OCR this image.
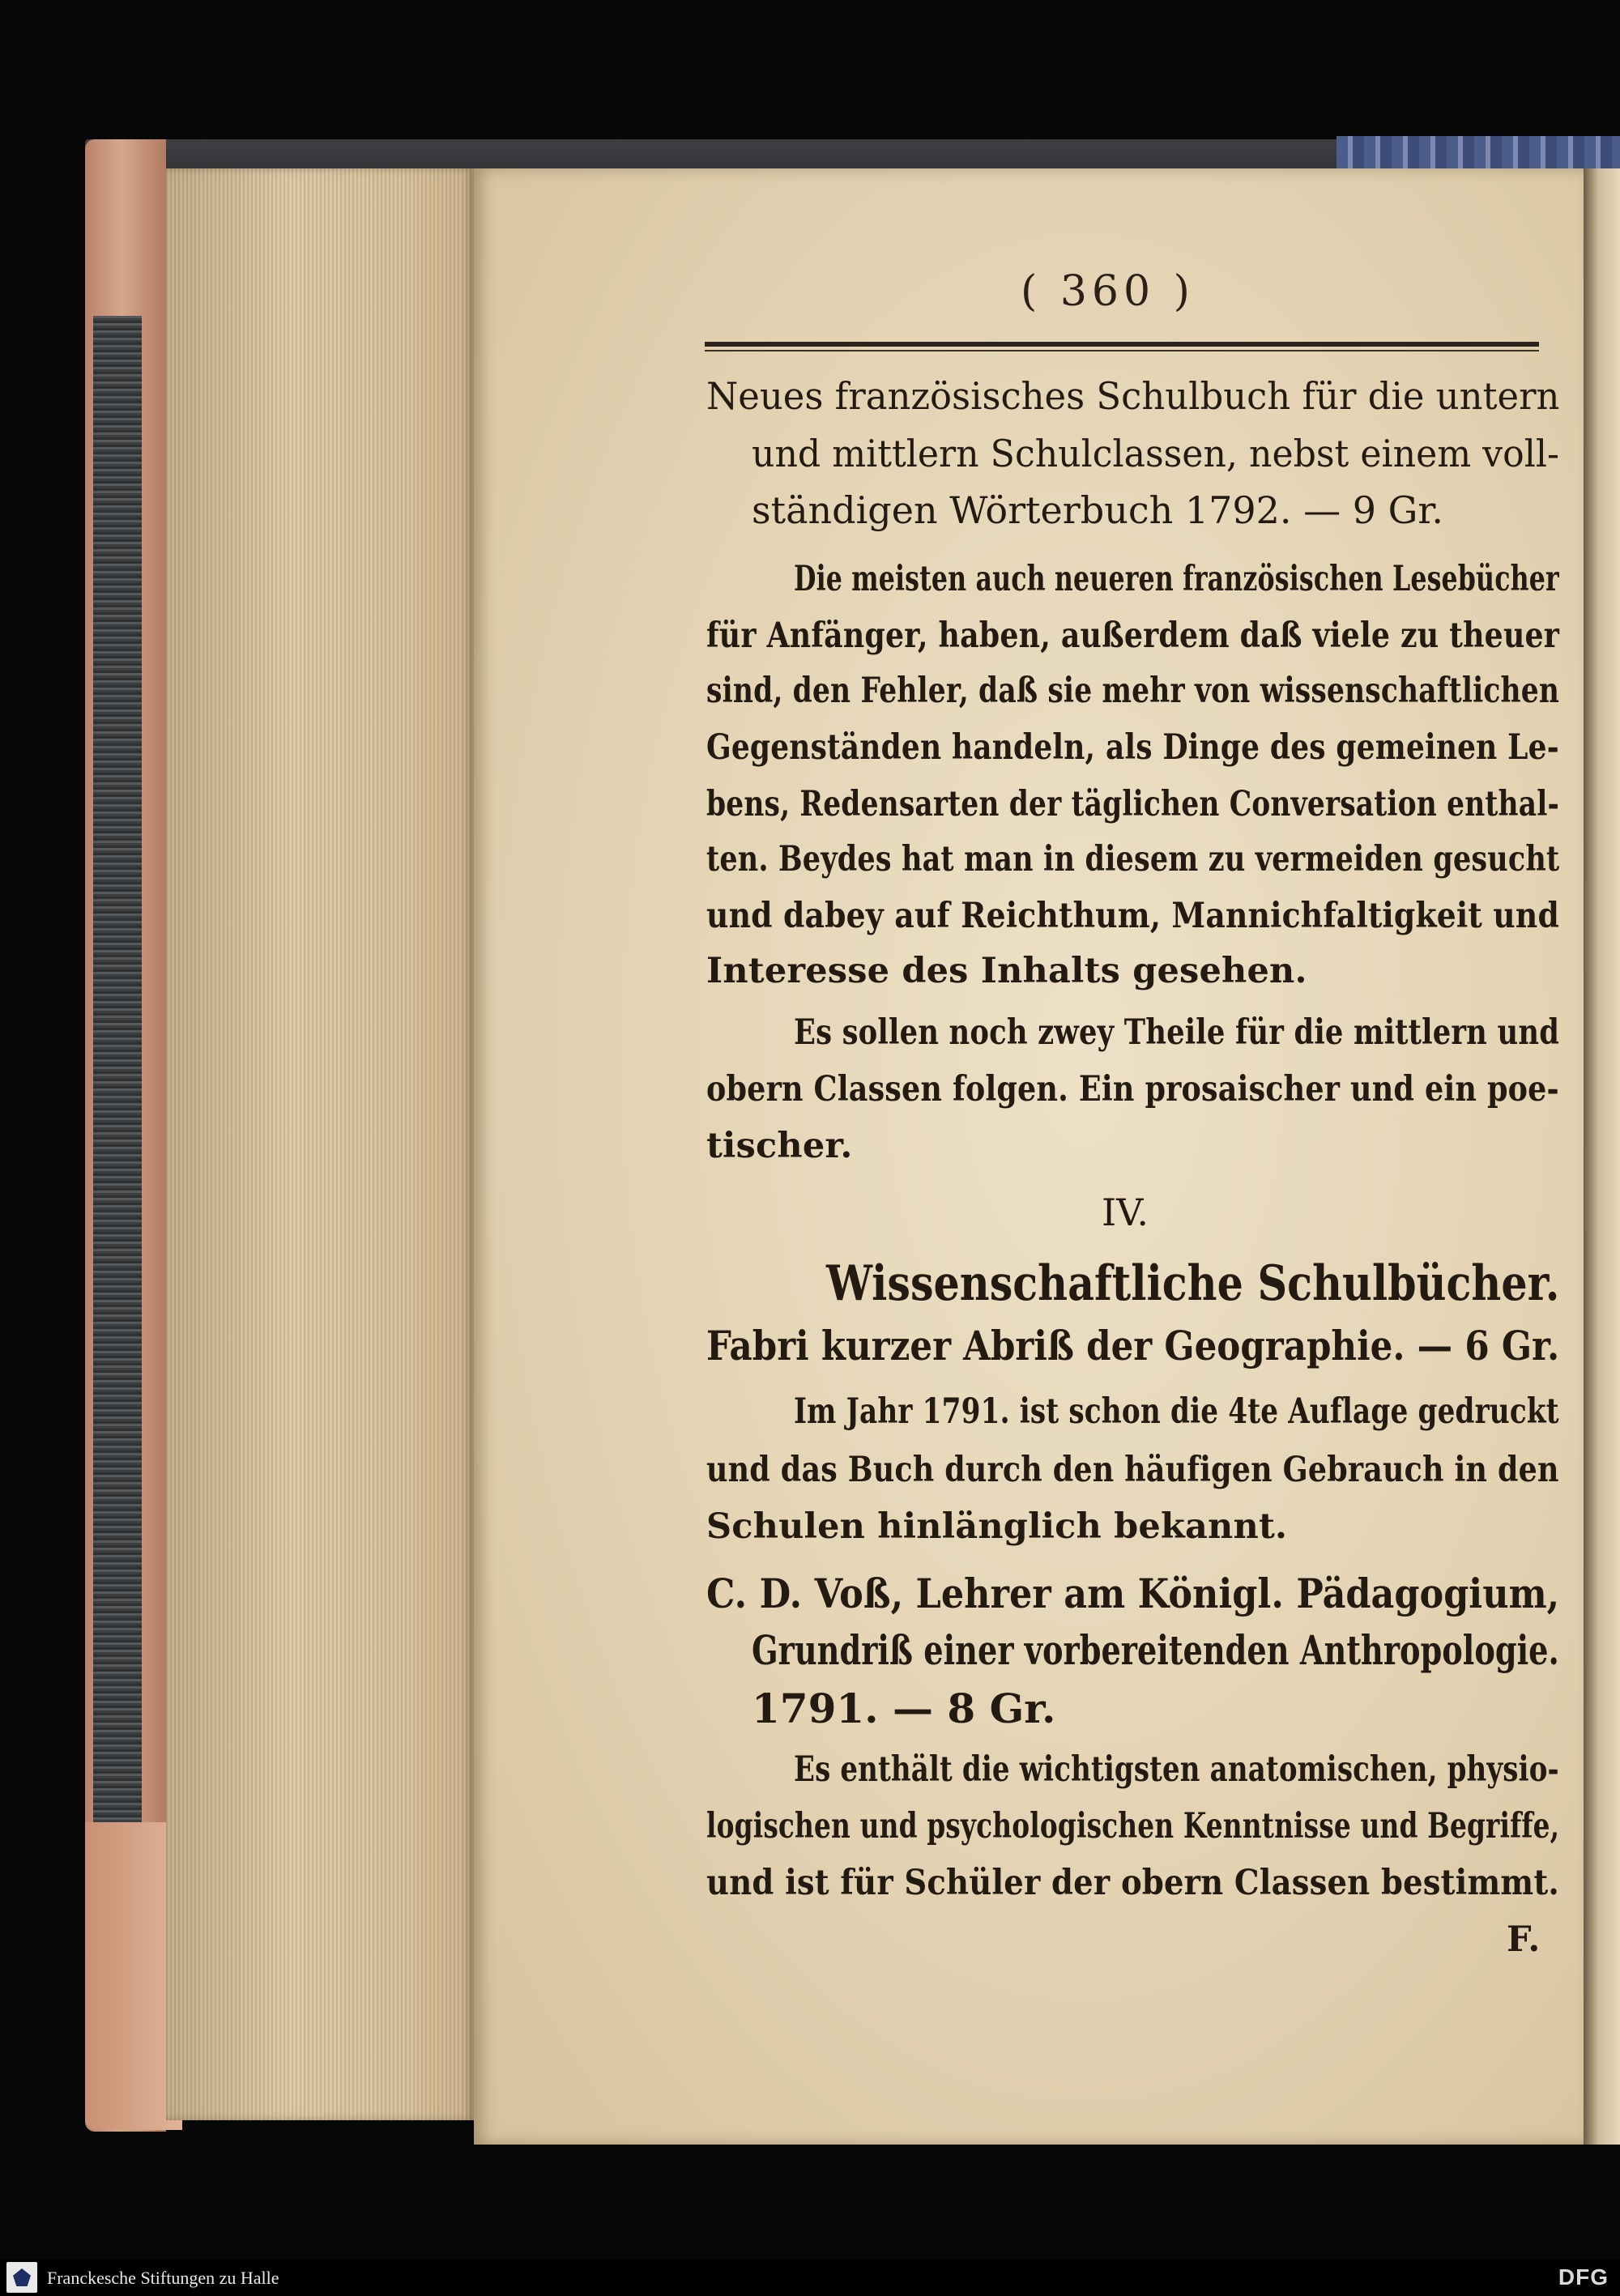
( 360 )
Neues französisches Schulbuch für die untern
und mittlern Schulclassen, nebst einem voll-
ständigen Wörterbuch 1792. — 9 Gr.
Die meisten auch neueren französischen Lesebücher
für Anfänger, haben, außerdem daß viele zu theuer
sind, den Fehler, daß sie mehr von wissenschaftlichen
Gegenständen handeln, als Dinge des gemeinen Le-
bens, Redensarten der täglichen Conversation enthal-
ten. Beydes hat man in diesem zu vermeiden gesucht
und dabey auf Reichthum, Mannichfaltigkeit und
Interesse des Inhalts gesehen.
Es sollen noch zwey Theile für die mittlern und
obern Classen folgen. Ein prosaischer und ein poe-
tischer.
IV.
Wissenschaftliche Schulbücher.
Fabri kurzer Abriß der Geographie. — 6 Gr.
Im Jahr 1791. ist schon die 4te Auflage gedruckt
und das Buch durch den häufigen Gebrauch in den
Schulen hinlänglich bekannt.
C. D. Voß, Lehrer am Königl. Pädagogium,
Grundriß einer vorbereitenden Anthropologie.
1791. — 8 Gr.
Es enthält die wichtigsten anatomischen, physio-
logischen und psychologischen Kenntnisse und Begriffe,
und ist für Schüler der obern Classen bestimmt.
F.
Franckesche Stiftungen zu Halle	DFG
